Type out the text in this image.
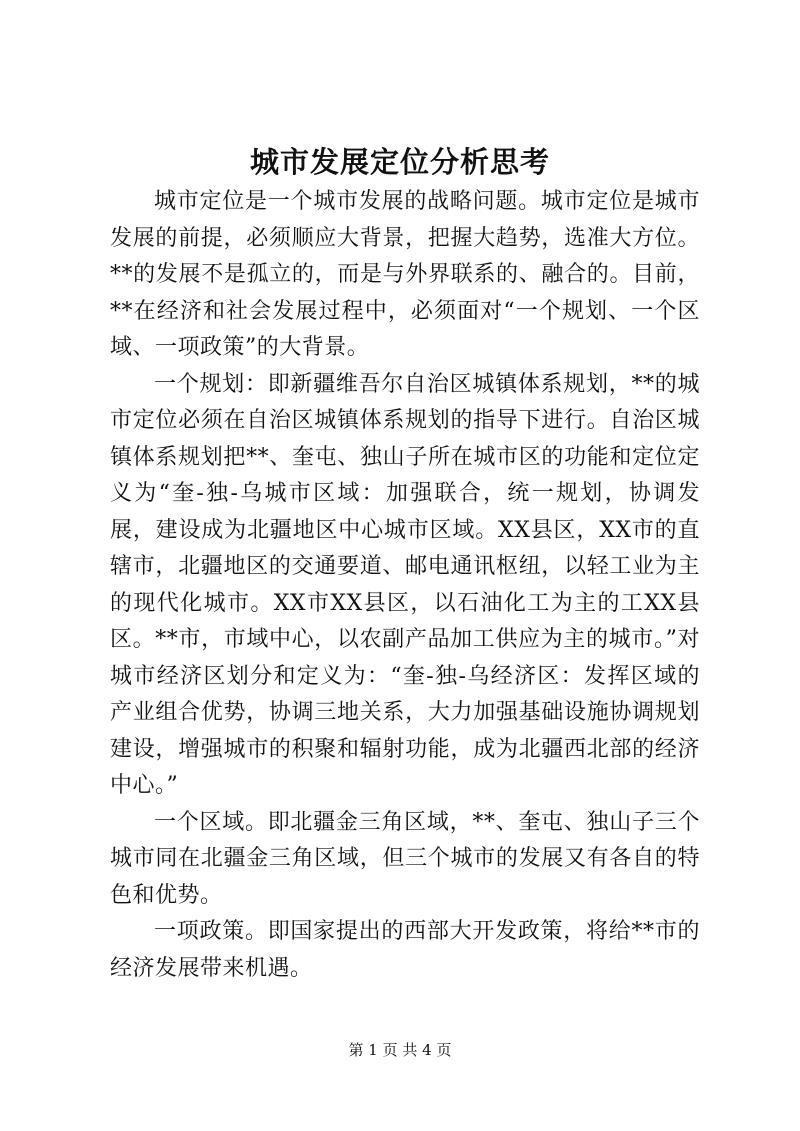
城市发展定位分析思考

城市定位是一个城市发展的战略问题。城市定位是城市发展的前提，必须顺应大背景，把握大趋势，选准大方位。**的发展不是孤立的，而是与外界联系的、融合的。目前，**在经济和社会发展过程中，必须面对“一个规划、一个区域、一项政策”的大背景。

一个规划：即新疆维吾尔自治区城镇体系规划，**的城市定位必须在自治区城镇体系规划的指导下进行。自治区城镇体系规划把**、奎屯、独山子所在城市区的功能和定位定义为“奎-独-乌城市区域：加强联合，统一规划，协调发展，建设成为北疆地区中心城市区域。XX县区，XX市的直辖市，北疆地区的交通要道、邮电通讯枢纽，以轻工业为主的现代化城市。XX市XX县区，以石油化工为主的工XX县区。**市，市域中心，以农副产品加工供应为主的城市。”对城市经济区划分和定义为：“奎-独-乌经济区：发挥区域的产业组合优势，协调三地关系，大力加强基础设施协调规划建设，增强城市的积聚和辐射功能，成为北疆西北部的经济中心。”

一个区域。即北疆金三角区域，**、奎屯、独山子三个城市同在北疆金三角区域，但三个城市的发展又有各自的特色和优势。

一项政策。即国家提出的西部大开发政策，将给**市的经济发展带来机遇。

第 1 页 共 4 页
